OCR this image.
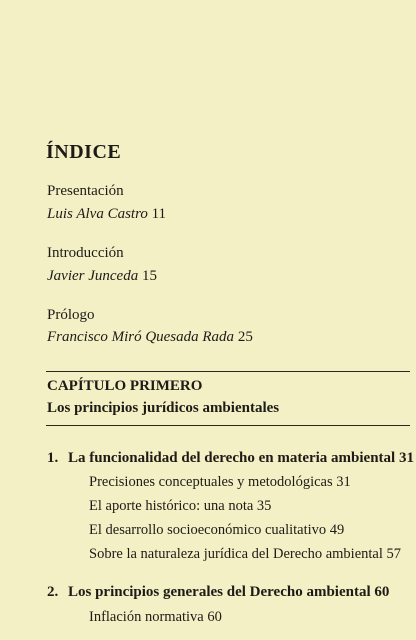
ÍNDICE
Presentación
Luis Alva Castro 11
Introducción
Javier Junceda 15
Prólogo
Francisco Miró Quesada Rada 25
CAPÍTULO PRIMERO
Los principios jurídicos ambientales
1. La funcionalidad del derecho en materia ambiental 31
Precisiones conceptuales y metodológicas 31
El aporte histórico: una nota 35
El desarrollo socioeconómico cualitativo 49
Sobre la naturaleza jurídica del Derecho ambiental 57
2. Los principios generales del Derecho ambiental 60
Inflación normativa 60
